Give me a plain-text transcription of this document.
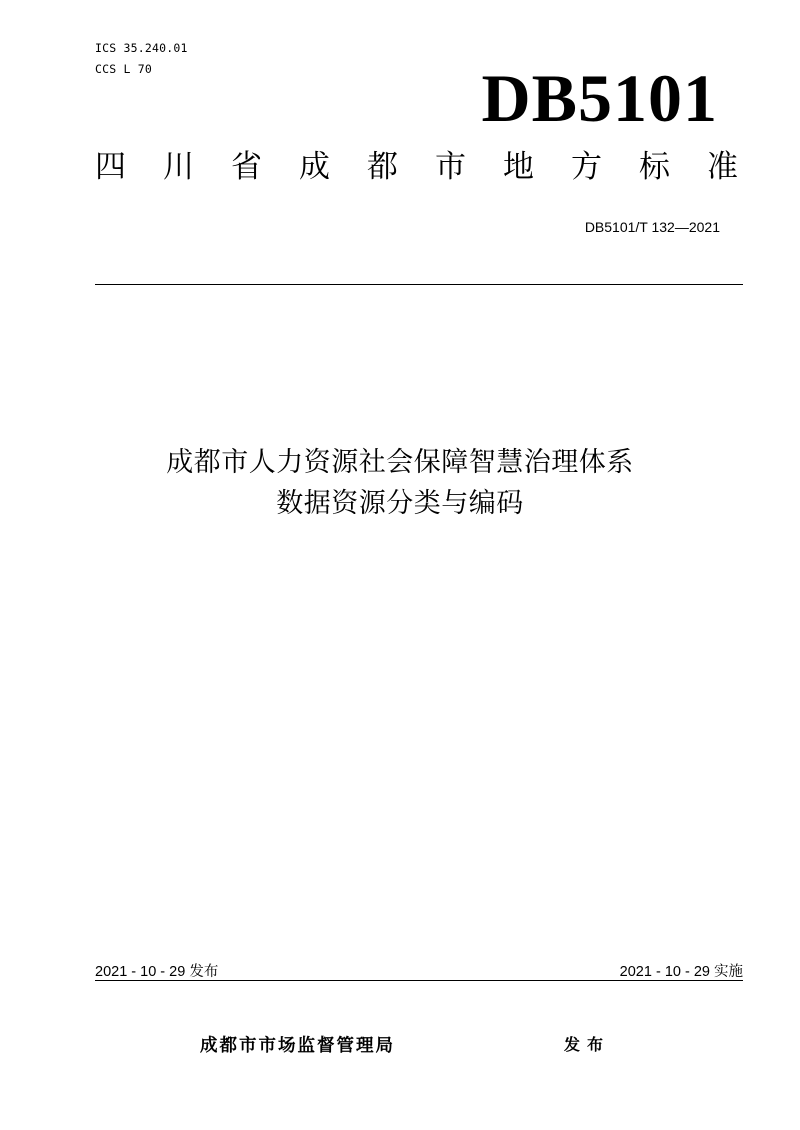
ICS 35.240.01
CCS L 70	DB5101
四 川 省 成 都 市 地 方 标 准
DB5101/T 132—2021
成都市人力资源社会保障智慧治理体系
数据资源分类与编码
2021 - 10 - 29 发布	2021 - 10 - 29 实施
成都市市场监督管理局	发布
